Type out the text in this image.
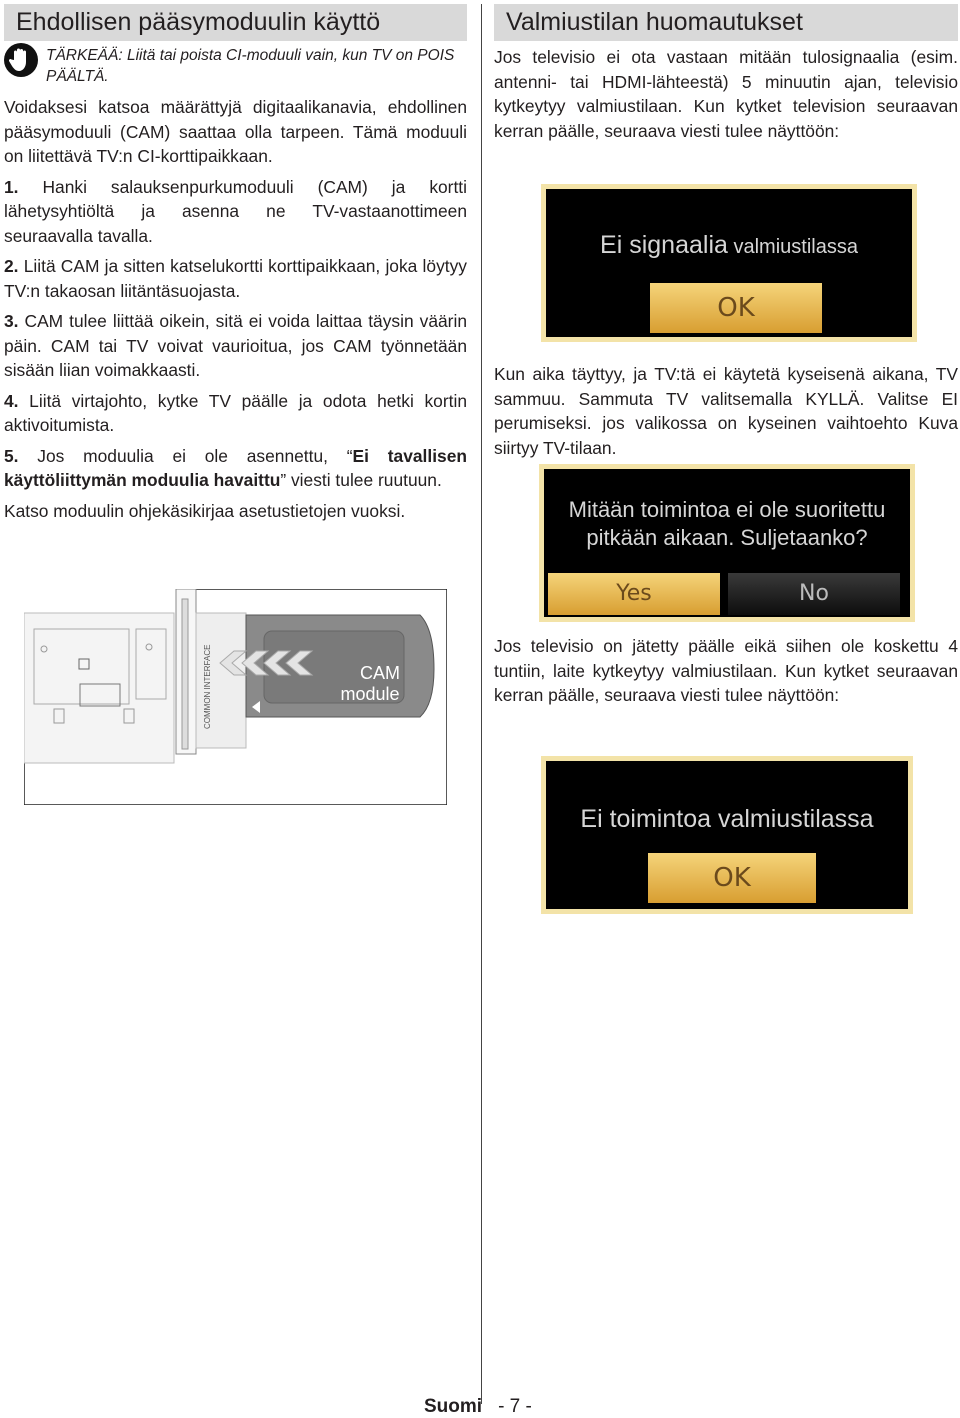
Ehdollisen pääsymoduulin käyttö
TÄRKEÄÄ: Liitä tai poista CI-moduuli vain, kun TV on POIS PÄÄLTÄ.

Voidaksesi katsoa määrättyjä digitaalikanavia, ehdollinen pääsymoduuli (CAM) saattaa olla tarpeen. Tämä moduuli on liitettävä TV:n CI-korttipaikkaan.

1. Hanki salauksenpurkumoduuli (CAM) ja kortti lähetysyhtiöltä ja asenna ne TV-vastaanottimeen seuraavalla tavalla.

2. Liitä CAM ja sitten katselukortti korttipaikkaan, joka löytyy TV:n takaosan liitäntäsuojasta.

3. CAM tulee liittää oikein, sitä ei voida laittaa täysin väärin päin. CAM tai TV voivat vaurioitua, jos CAM työnnetään sisään liian voimakkaasti.

4. Liitä virtajohto, kytke TV päälle ja odota hetki kortin aktivoitumista.

5. Jos moduulia ei ole asennettu, “Ei tavallisen käyttöliittymän moduulia havaittu” viesti tulee ruutuun.

Katso moduulin ohjekäsikirjaa asetustietojen vuoksi.

COMMON INTERFACE	CAM
module
Valmiustilan huomautukset

Jos televisio ei ota vastaan mitään tulosignaalia (esim. antenni- tai HDMI-lähteestä) 5 minuutin ajan, televisio kytkeytyy valmiustilaan. Kun kytket television seuraavan kerran päälle, seuraava viesti tulee näyttöön:

Ei signaalia valmiustilassa
OK

Kun aika täyttyy, ja TV:tä ei käytetä kyseisenä aikana, TV sammuu. Sammuta TV valitsemalla KYLLÄ. Valitse EI perumiseksi. jos valikossa on kyseinen vaihtoehto Kuva siirtyy TV-tilaan.

Mitään toimintoa ei ole suoritettu
pitkään aikaan. Suljetaanko?
Yes	No

Jos televisio on jätetty päälle eikä siihen ole koskettu 4 tuntiin, laite kytkeytyy valmiustilaan. Kun kytket seuraavan kerran päälle, seuraava viesti tulee näyttöön:

Ei toimintoa valmiustilassa
OK
Suomi - 7 -
